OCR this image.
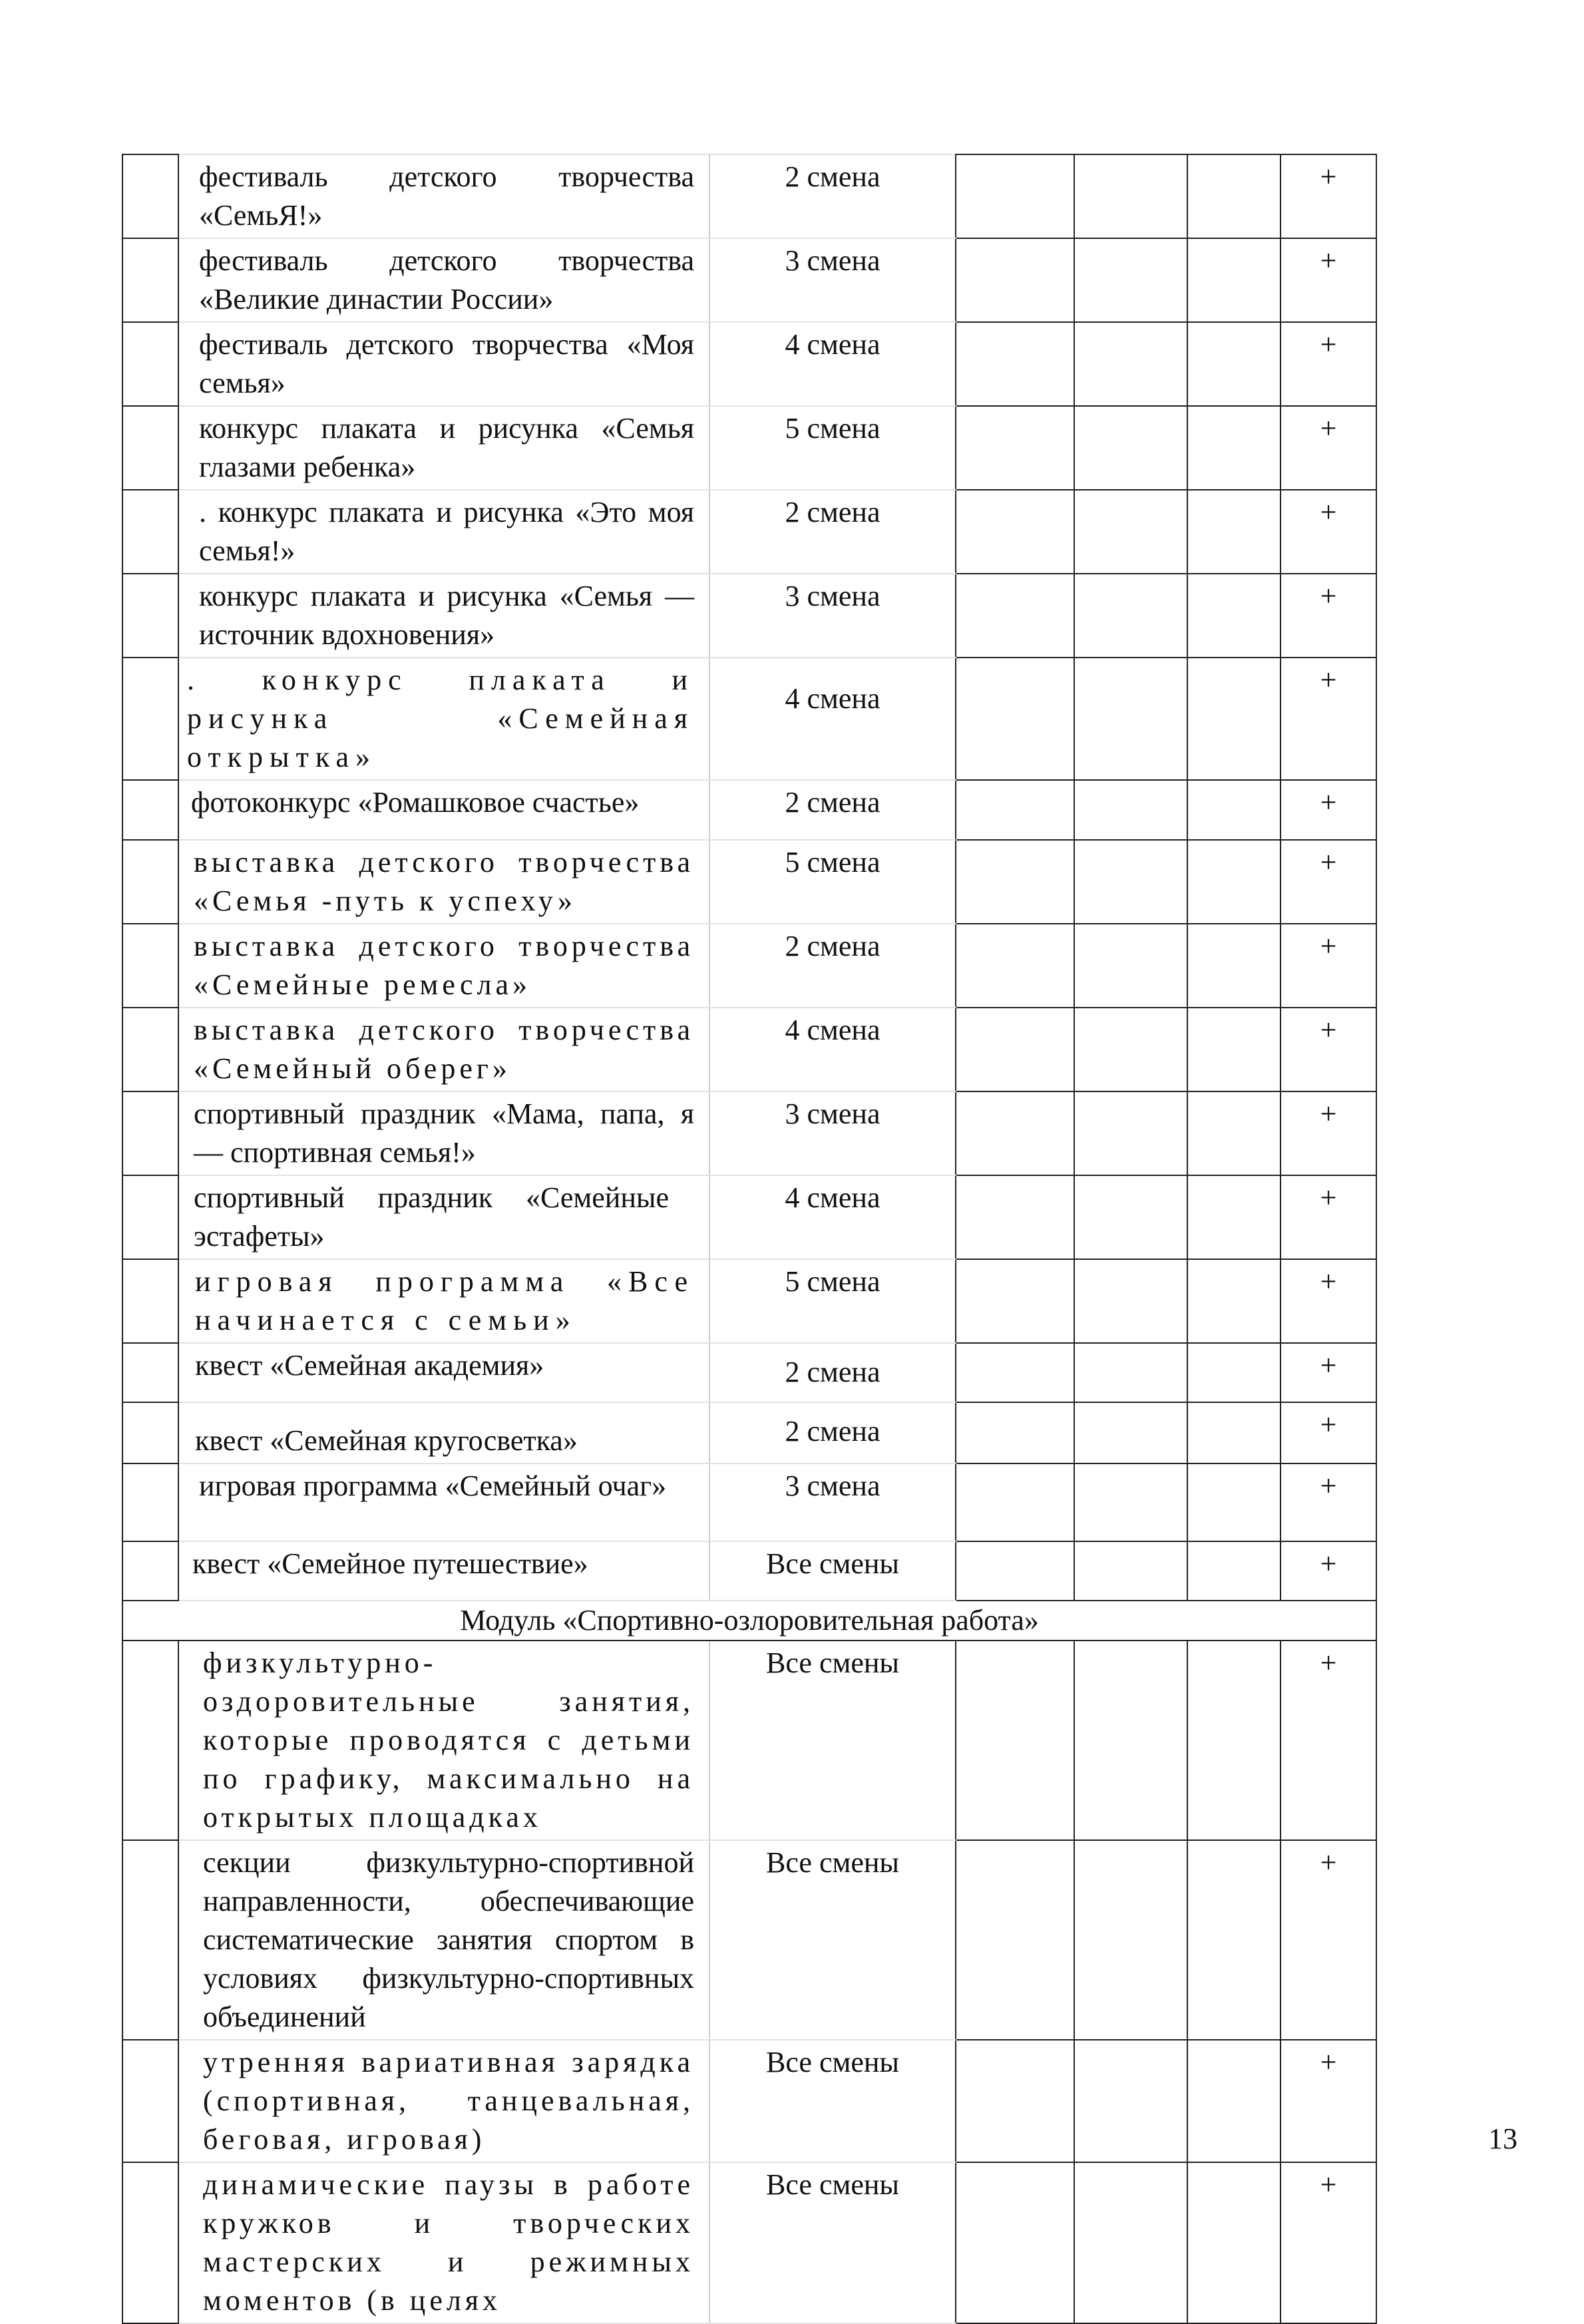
	фестиваль детского творчества «СемьЯ!»	2 смена				+

	фестиваль детского творчества «Великие династии России»	3 смена				+

	фестиваль детского творчества «Моя семья»	4 смена				+

	конкурс плаката и рисунка «Семья глазами ребенка»	5 смена				+

	. конкурс плаката и рисунка «Это моя семья!»	2 смена				+

	конкурс плаката и рисунка «Семья — источник вдохновения»	3 смена				+

	. конкурс плаката и рисунка «Семейная открытка»	4 смена				+

	фотоконкурс «Ромашковое счастье»	2 смена				+

	выставка детского творчества «Семья -путь к успеху»	5 смена				+

	выставка детского творчества «Семейные ремесла»	2 смена				+

	выставка детского творчества «Семейный оберег»	4 смена				+

	спортивный праздник «Мама, папа, я — спортивная семья!»	3 смена				+

	спортивный праздник «Семейные эстафеты»	4 смена				+

	игровая программа «Все начинается с семьи»	5 смена				+

	квест «Семейная академия»	2 смена				+

	квест «Семейная кругосветка»	2 смена				+

	игровая программа «Семейный очаг»	3 смена				+

	квест «Семейное путешествие»	Все смены				+

Модуль «Спортивно-озлоровительная работа»						

	физкультурно-оздоровительные занятия, которые проводятся с детьми по графику, максимально на открытых площадках	Все смены				+

	секции физкультурно-спортивной направленности, обеспечивающие систематические занятия спортом в условиях физкультурно-спортивных объединений	Все смены				+

	утренняя вариативная зарядка (спортивная, танцевальная, беговая, игровая)	Все смены				+

	динамические паузы в работе кружков и творческих мастерских и режимных моментов (в целях	Все смены				+
13
